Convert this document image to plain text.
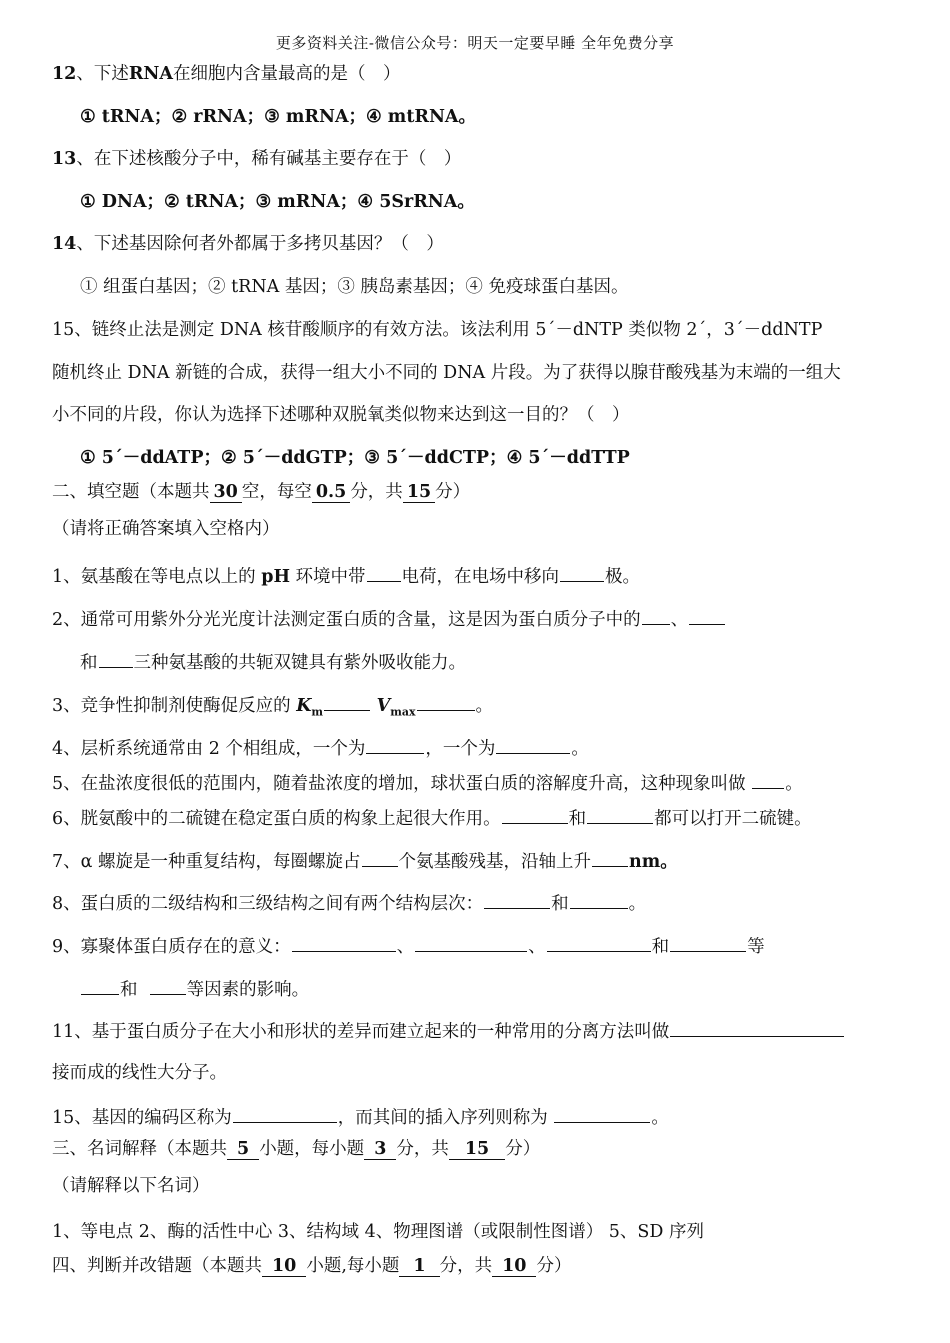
更多资料关注-微信公众号：明天一定要早睡 全年免费分享
12、下述RNA在细胞内含量最高的是（　）
① tRNA；② rRNA；③ mRNA；④ mtRNA。
13、在下述核酸分子中，稀有碱基主要存在于（　）
① DNA；② tRNA；③ mRNA；④ 5SrRNA。
14、下述基因除何者外都属于多拷贝基因？（　）
① 组蛋白基因；② tRNA 基因；③ 胰岛素基因；④ 免疫球蛋白基因。
15、链终止法是测定 DNA 核苷酸顺序的有效方法。该法利用 5´－dNTP 类似物 2´，3´－ddNTP
随机终止 DNA 新链的合成，获得一组大小不同的 DNA 片段。为了获得以腺苷酸残基为末端的一组大
小不同的片段，你认为选择下述哪种双脱氧类似物来达到这一目的？（　）
① 5´－ddATP；② 5´－ddGTP；③ 5´－ddCTP；④ 5´－ddTTP
二、填空题（本题共 30 空，每空 0.5 分，共 15 分）
（请将正确答案填入空格内）
1、氨基酸在等电点以上的 pH 环境中带 电荷，在电场中移向	极。
2、通常可用紫外分光光度计法测定蛋白质的含量，这是因为蛋白质分子中的 、
和 三种氨基酸的共轭双键具有紫外吸收能力。
3、竞争性抑制剂使酶促反应的 $K_m$	$V_{max}$	。
4、层析系统通常由 2 个相组成，一个为	，一个为	。
5、在盐浓度很低的范围内，随着盐浓度的增加，球状蛋白质的溶解度升高，这种现象叫做 。
6、胱氨酸中的二硫键在稳定蛋白质的构象上起很大作用。	和	都可以打开二硫键。
7、α 螺旋是一种重复结构，每圈螺旋占 个氨基酸残基，沿轴上升 nm。
8、蛋白质的二级结构和三级结构之间有两个结构层次：	和	。
9、寡聚体蛋白质存在的意义：	、	、	和	等
和	等因素的影响。
11、基于蛋白质分子在大小和形状的差异而建立起来的一种常用的分离方法叫做
接而成的线性大分子。
15、基因的编码区称为	，而其间的插入序列则称为	。
三、名词解释（本题共 5 小题，每小题 3 分，共 15 分）
（请解释以下名词）
1、等电点 2、酶的活性中心 3、结构域 4、物理图谱（或限制性图谱） 5、SD 序列
四、判断并改错题（本题共 10 小题,每小题 1 分，共 10 分）
